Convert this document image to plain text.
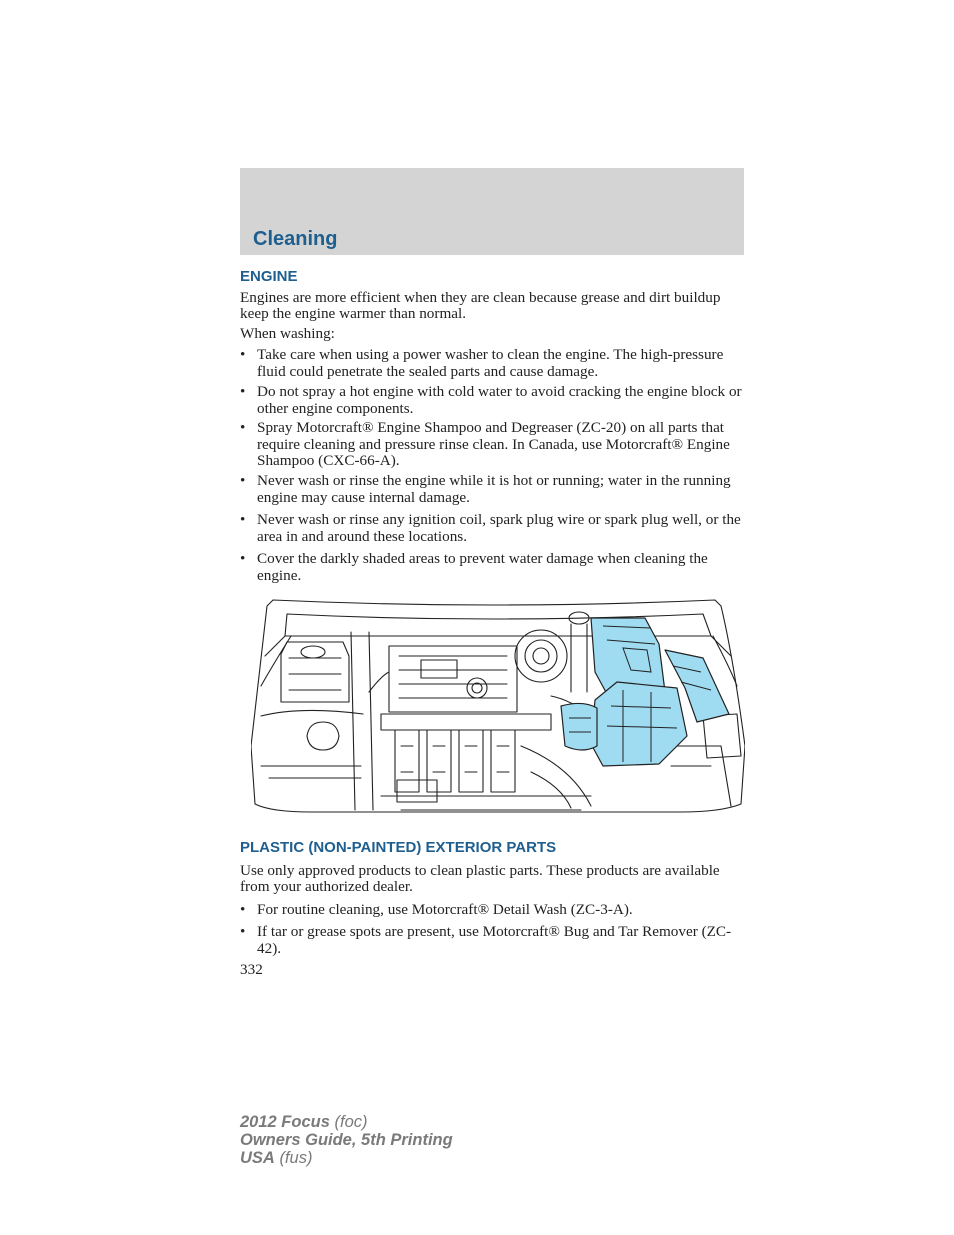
Cleaning
ENGINE

Engines are more efficient when they are clean because grease and dirt buildup keep the engine warmer than normal.

When washing:

• Take care when using a power washer to clean the engine. The high-pressure fluid could penetrate the sealed parts and cause damage.
• Do not spray a hot engine with cold water to avoid cracking the engine block or other engine components.
• Spray Motorcraft® Engine Shampoo and Degreaser (ZC-20) on all parts that require cleaning and pressure rinse clean. In Canada, use Motorcraft® Engine Shampoo (CXC-66-A).
• Never wash or rinse the engine while it is hot or running; water in the running engine may cause internal damage.
• Never wash or rinse any ignition coil, spark plug wire or spark plug well, or the area in and around these locations.
• Cover the darkly shaded areas to prevent water damage when cleaning the engine.
PLASTIC (NON-PAINTED) EXTERIOR PARTS

Use only approved products to clean plastic parts. These products are available from your authorized dealer.

• For routine cleaning, use Motorcraft® Detail Wash (ZC-3-A).
• If tar or grease spots are present, use Motorcraft® Bug and Tar Remover (ZC-42).
332
2012 Focus (foc)
Owners Guide, 5th Printing
USA (fus)
